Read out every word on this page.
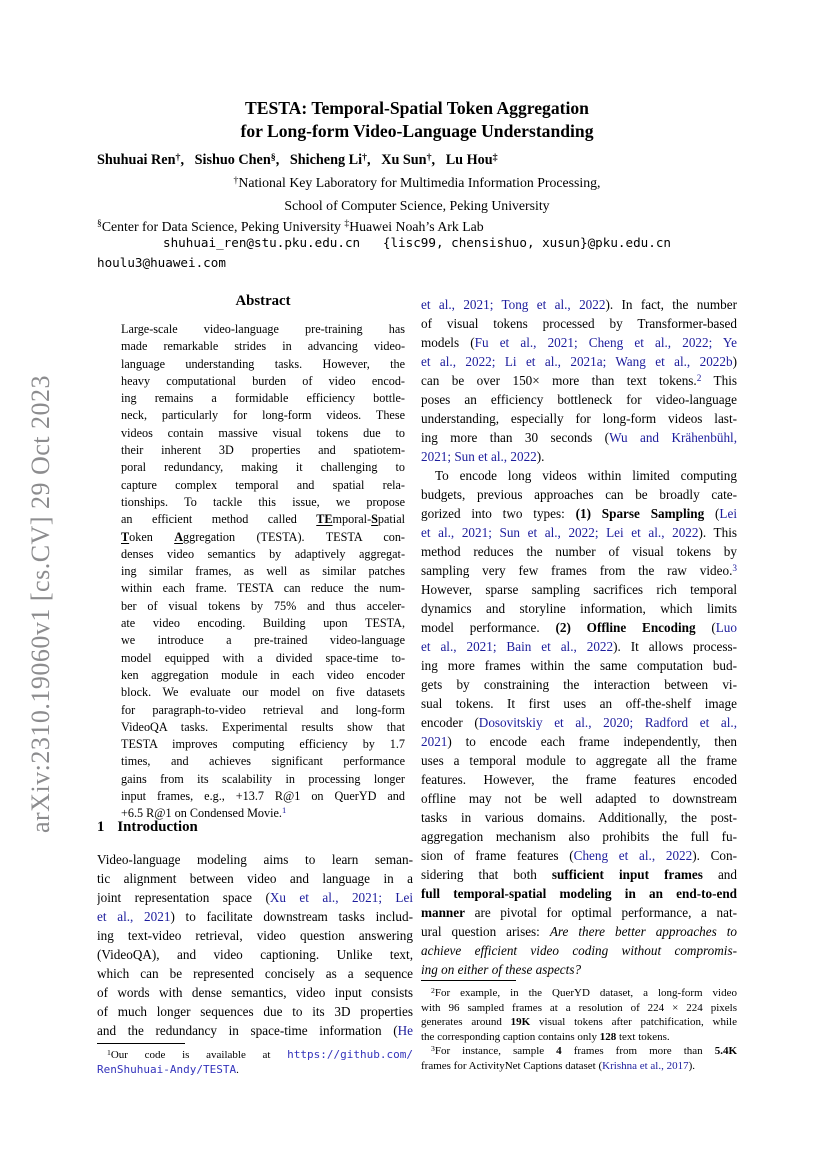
arXiv:2310.19060v1 [cs.CV] 29 Oct 2023
TESTA: Temporal-Spatial Token Aggregation
for Long-form Video-Language Understanding
Shuhuai Ren†,   Sishuo Chen§,   Shicheng Li†,   Xu Sun†,   Lu Hou‡
†National Key Laboratory for Multimedia Information Processing,
School of Computer Science, Peking University
§Center for Data Science, Peking University ‡Huawei Noah’s Ark Lab
shuhuai_ren@stu.pku.edu.cn   {lisc99, chensishuo, xusun}@pku.edu.cn
houlu3@huawei.com
Abstract
Large-scale video-language pre-training has
made remarkable strides in advancing video-
language understanding tasks. However, the
heavy computational burden of video encod-
ing remains a formidable efficiency bottle-
neck, particularly for long-form videos. These
videos contain massive visual tokens due to
their inherent 3D properties and spatiotem-
poral redundancy, making it challenging to
capture complex temporal and spatial rela-
tionships. To tackle this issue, we propose
an efficient method called TEmporal-Spatial
Token Aggregation (TESTA). TESTA con-
denses video semantics by adaptively aggregat-
ing similar frames, as well as similar patches
within each frame. TESTA can reduce the num-
ber of visual tokens by 75% and thus acceler-
ate video encoding. Building upon TESTA,
we introduce a pre-trained video-language
model equipped with a divided space-time to-
ken aggregation module in each video encoder
block. We evaluate our model on five datasets
for paragraph-to-video retrieval and long-form
VideoQA tasks. Experimental results show that
TESTA improves computing efficiency by 1.7
times, and achieves significant performance
gains from its scalability in processing longer
input frames, e.g., +13.7 R@1 on QuerYD and
+6.5 R@1 on Condensed Movie.$^1$
1 Introduction
Video-language modeling aims to learn seman-
tic alignment between video and language in a
joint representation space (Xu et al., 2021; Lei
et al., 2021) to facilitate downstream tasks includ-
ing text-video retrieval, video question answering
(VideoQA), and video captioning. Unlike text,
which can be represented concisely as a sequence
of words with dense semantics, video input consists
of much longer sequences due to its 3D properties
and the redundancy in space-time information (He
et al., 2021; Tong et al., 2022). In fact, the number
of visual tokens processed by Transformer-based
models (Fu et al., 2021; Cheng et al., 2022; Ye
et al., 2022; Li et al., 2021a; Wang et al., 2022b)
can be over 150× more than text tokens.$^2$ This
poses an efficiency bottleneck for video-language
understanding, especially for long-form videos last-
ing more than 30 seconds (Wu and Krähenbühl,
2021; Sun et al., 2022).
To encode long videos within limited computing
budgets, previous approaches can be broadly cate-
gorized into two types: (1) Sparse Sampling (Lei
et al., 2021; Sun et al., 2022; Lei et al., 2022). This
method reduces the number of visual tokens by
sampling very few frames from the raw video.$^3$
However, sparse sampling sacrifices rich temporal
dynamics and storyline information, which limits
model performance. (2) Offline Encoding (Luo
et al., 2021; Bain et al., 2022). It allows process-
ing more frames within the same computation bud-
gets by constraining the interaction between vi-
sual tokens. It first uses an off-the-shelf image
encoder (Dosovitskiy et al., 2020; Radford et al.,
2021) to encode each frame independently, then
uses a temporal module to aggregate all the frame
features. However, the frame features encoded
offline may not be well adapted to downstream
tasks in various domains. Additionally, the post-
aggregation mechanism also prohibits the full fu-
sion of frame features (Cheng et al., 2022). Con-
sidering that both sufficient input frames and
full temporal-spatial modeling in an end-to-end
manner are pivotal for optimal performance, a nat-
ural question arises: Are there better approaches to
achieve efficient video coding without compromis-
ing on either of these aspects?
$^1$Our code is available at https://github.com/
RenShuhuai-Andy/TESTA.
$^2$For example, in the QuerYD dataset, a long-form video
with 96 sampled frames at a resolution of 224 × 224 pixels
generates around 19K visual tokens after patchification, while
the corresponding caption contains only 128 text tokens.
$^3$For instance, sample 4 frames from more than 5.4K
frames for ActivityNet Captions dataset (Krishna et al., 2017).
